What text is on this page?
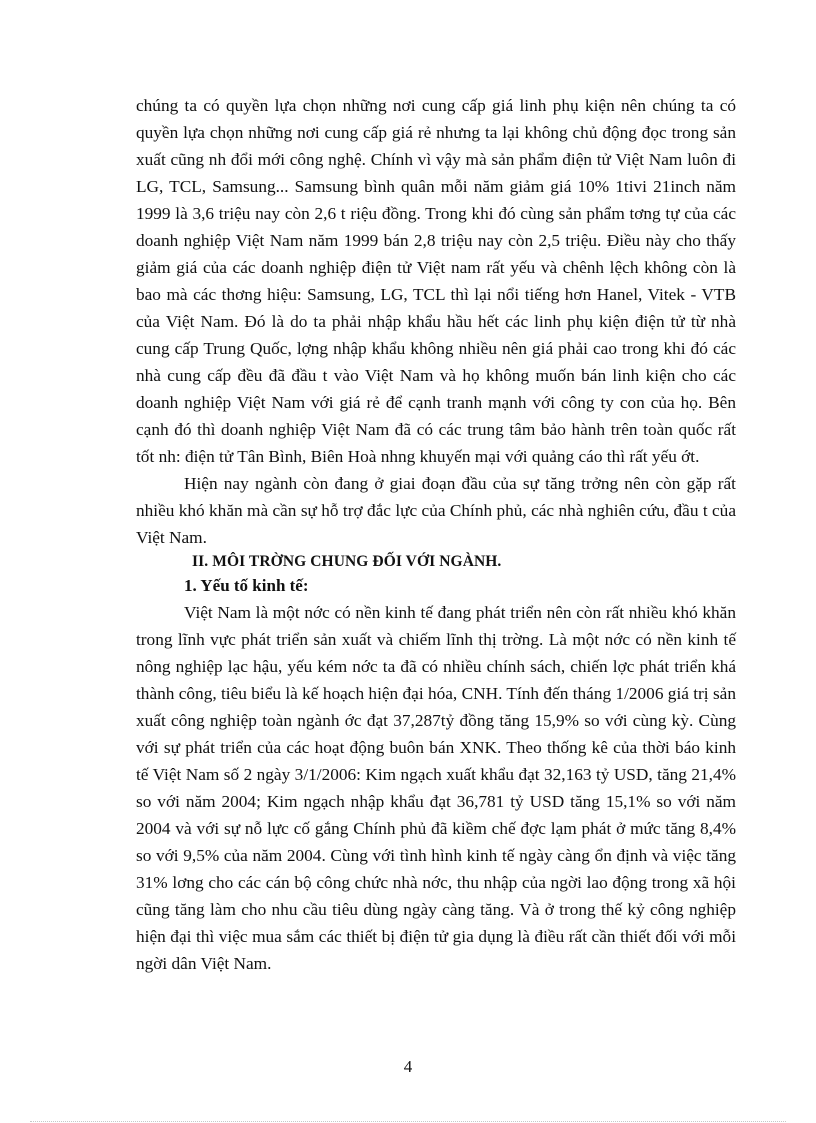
chúng ta có quyền lựa chọn những nơi cung cấp giá linh phụ kiện nên chúng ta có quyền lựa chọn những nơi cung cấp giá rẻ nhưng ta lại không chủ động đọc trong sản xuất cũng nh đổi mới công nghệ. Chính vì vậy mà sản phẩm điện tử Việt Nam luôn đi LG, TCL, Samsung... Samsung bình quân mỗi năm giảm giá 10% 1tivi 21inch năm 1999 là 3,6 triệu nay còn 2,6 t riệu đồng. Trong khi đó cùng sản phẩm tơng tự của các doanh nghiệp Việt Nam năm 1999 bán 2,8 triệu nay còn 2,5 triệu. Điều này cho thấy giảm giá của các doanh nghiệp điện tử Việt nam rất yếu và chênh lệch không còn là bao mà các thơng hiệu: Samsung, LG, TCL thì lại nổi tiếng hơn Hanel, Vitek - VTB của Việt Nam. Đó là do ta phải nhập khẩu hầu hết các linh phụ kiện điện tử từ nhà cung cấp Trung Quốc, lợng nhập khẩu không nhiều nên giá phải cao trong khi đó các nhà cung cấp đều đã đầu t vào Việt Nam và họ không muốn bán linh kiện cho các doanh nghiệp Việt Nam với giá rẻ để cạnh tranh mạnh với công ty con của họ. Bên cạnh đó thì doanh nghiệp Việt Nam đã có các trung tâm bảo hành trên toàn quốc rất tốt nh: điện tử Tân Bình, Biên Hoà nhng khuyến mại với quảng cáo thì rất yếu ớt.

Hiện nay ngành còn đang ở giai đoạn đầu của sự tăng trởng nên còn gặp rất nhiều khó khăn mà cần sự hỗ trợ đắc lực của Chính phủ, các nhà nghiên cứu, đầu t của Việt Nam.

II. MÔI TRỜNG CHUNG ĐỐI VỚI NGÀNH.

1. Yếu tố kinh tế:

Việt Nam là một nớc có nền kinh tế đang phát triển nên còn rất nhiều khó khăn trong lĩnh vực phát triển sản xuất và chiếm lĩnh thị trờng. Là một nớc có nền kinh tế nông nghiệp lạc hậu, yếu kém nớc ta đã có nhiều chính sách, chiến lợc phát triển khá thành công, tiêu biểu là kế hoạch hiện đại hóa, CNH. Tính đến tháng 1/2006 giá trị sản xuất công nghiệp toàn ngành ớc đạt 37,287tỷ đồng tăng 15,9% so với cùng kỳ. Cùng với sự phát triển của các hoạt động buôn bán XNK. Theo thống kê của thời báo kinh tế Việt Nam số 2 ngày 3/1/2006: Kim ngạch xuất khẩu đạt 32,163 tỷ USD, tăng 21,4% so với năm 2004; Kim ngạch nhập khẩu đạt 36,781 tỷ USD tăng 15,1% so với năm 2004 và với sự nỗ lực cố gắng Chính phủ đã kiềm chế đợc lạm phát ở mức tăng 8,4% so với 9,5% của năm 2004. Cùng với tình hình kinh tế ngày càng ổn định và việc tăng 31% lơng cho các cán bộ công chức nhà nớc, thu nhập của ngời lao động trong xã hội cũng tăng làm cho nhu cầu tiêu dùng ngày càng tăng. Và ở trong thế kỷ công nghiệp hiện đại thì việc mua sắm các thiết bị điện tử gia dụng là điều rất cần thiết đối với mỗi ngời dân Việt Nam.

4
